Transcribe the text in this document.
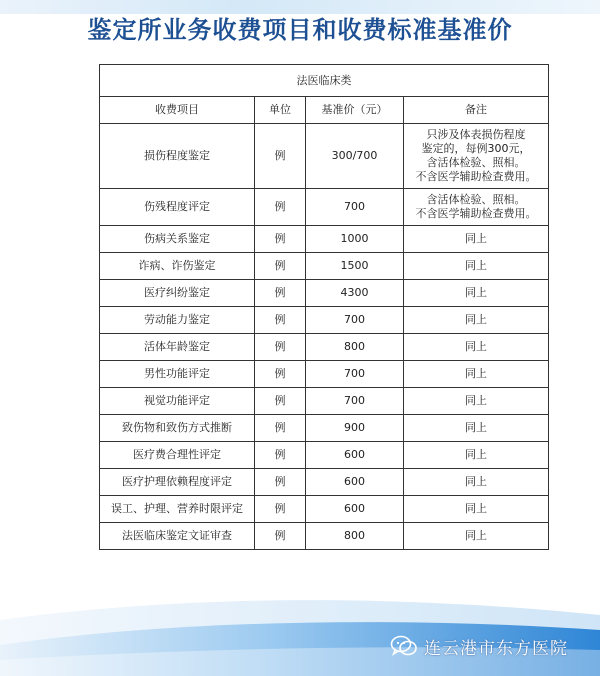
鉴定所业务收费项目和收费标准基准价
法医临床类			
收费项目	单位	基准价（元）	备注
损伤程度鉴定	例	300/700	只涉及体表损伤程度
鉴定的，每例300元，
含活体检验、照相。
不含医学辅助检查费用。

伤残程度评定	例	700	含活体检验、照相。
不含医学辅助检查费用。

伤病关系鉴定	例	1000	同上

诈病、诈伤鉴定	例	1500	同上

医疗纠纷鉴定	例	4300	同上

劳动能力鉴定	例	700	同上

活体年龄鉴定	例	800	同上

男性功能评定	例	700	同上

视觉功能评定	例	700	同上

致伤物和致伤方式推断	例	900	同上

医疗费合理性评定	例	600	同上

医疗护理依赖程度评定	例	600	同上

误工、护理、营养时限评定	例	600	同上

法医临床鉴定文证审查	例	800	同上
连云港市东方医院
